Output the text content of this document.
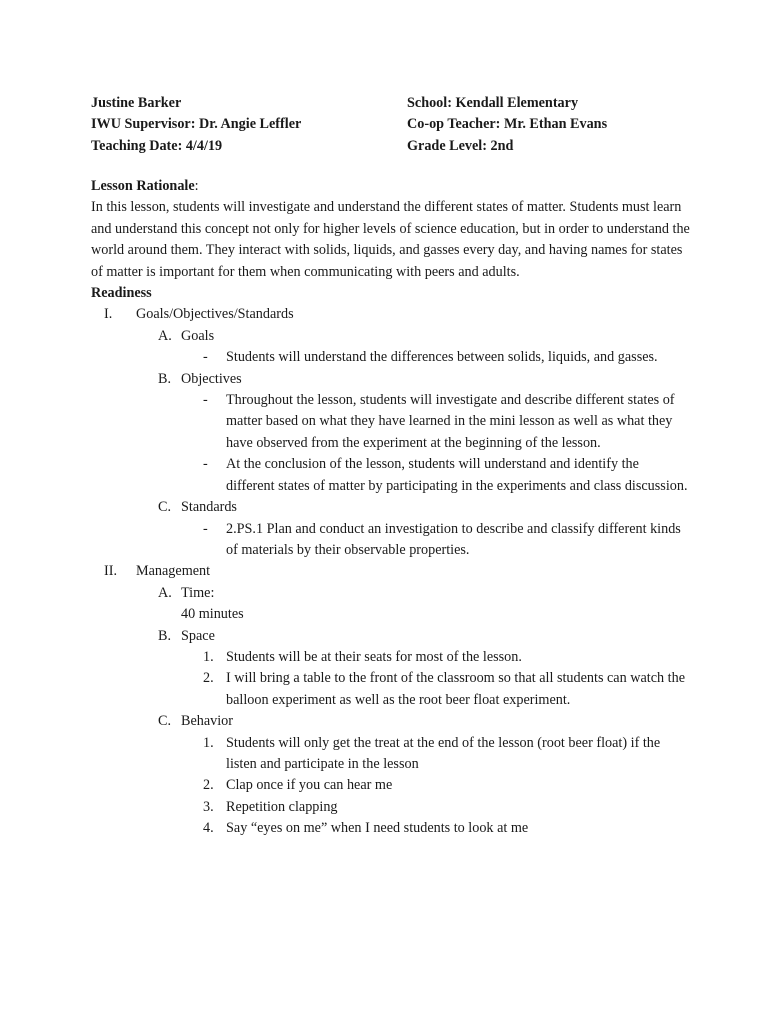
Justine Barker	School: Kendall Elementary
IWU Supervisor: Dr. Angie Leffler	Co-op Teacher: Mr. Ethan Evans
Teaching Date: 4/4/19	Grade Level: 2nd
Lesson Rationale:

In this lesson, students will investigate and understand the different states of matter. Students must learn and understand this concept not only for higher levels of science education, but in order to understand the world around them. They interact with solids, liquids, and gasses every day, and having names for states of matter is important for them when communicating with peers and adults.

Readiness
I. Goals/Objectives/Standards
A. Goals
- Students will understand the differences between solids, liquids, and gasses.
B. Objectives
- Throughout the lesson, students will investigate and describe different states of matter based on what they have learned in the mini lesson as well as what they have observed from the experiment at the beginning of the lesson.
- At the conclusion of the lesson, students will understand and identify the different states of matter by participating in the experiments and class discussion.
C. Standards
- 2.PS.1 Plan and conduct an investigation to describe and classify different kinds of materials by their observable properties.
II. Management
A. Time:
40 minutes
B. Space
1. Students will be at their seats for most of the lesson.
2. I will bring a table to the front of the classroom so that all students can watch the balloon experiment as well as the root beer float experiment.
C. Behavior
1. Students will only get the treat at the end of the lesson (root beer float) if the listen and participate in the lesson
2. Clap once if you can hear me
3. Repetition clapping
4. Say “eyes on me” when I need students to look at me
